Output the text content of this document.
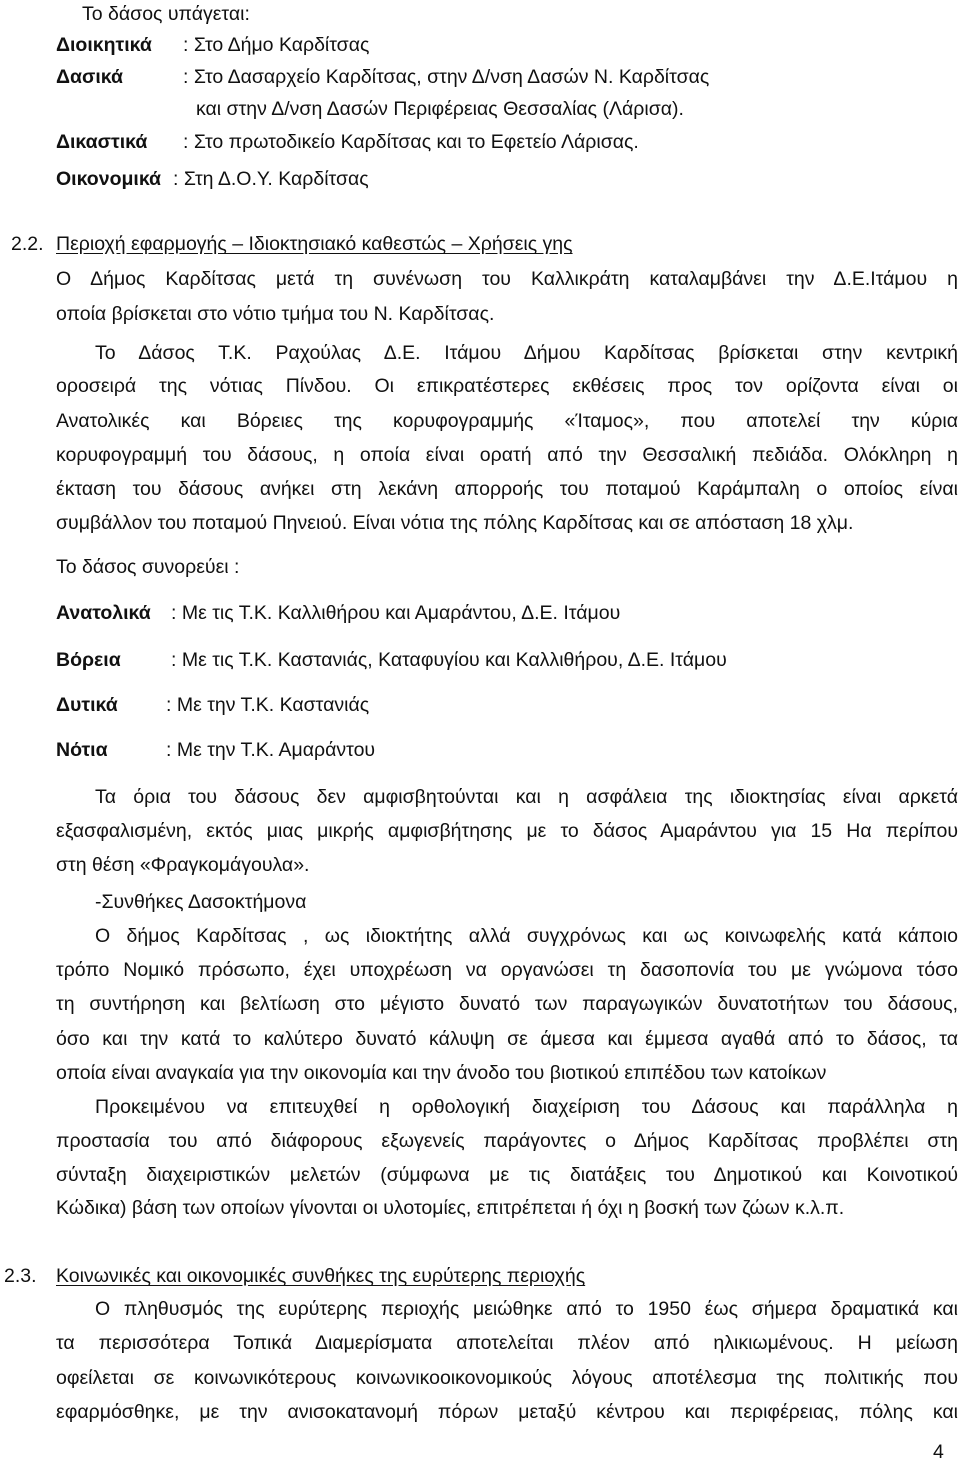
Το δάσος υπάγεται:
Διοικητικά : Στο Δήμο Καρδίτσας
Δασικά	: Στο Δασαρχείο Καρδίτσας, στην Δ/νση Δασών Ν. Καρδίτσας
και στην Δ/νση Δασών Περιφέρειας Θεσσαλίας (Λάρισα).
Δικαστικά : Στο πρωτοδικείο Καρδίτσας και το Εφετείο Λάρισας.
Οικονομικά : Στη Δ.Ο.Υ. Καρδίτσας
2.2. Περιοχή εφαρμογής – Ιδιοκτησιακό καθεστώς – Χρήσεις γης
Ο Δήμος Καρδίτσας μετά τη συνένωση του Καλλικράτη καταλαμβάνει την Δ.Ε.Ιτάμου η
οποία βρίσκεται στο νότιο τμήμα του Ν. Καρδίτσας.
Το Δάσος Τ.Κ. Ραχούλας Δ.Ε. Ιτάμου Δήμου Καρδίτσας βρίσκεται στην κεντρική
οροσειρά της νότιας Πίνδου. Οι επικρατέστερες εκθέσεις προς τον ορίζοντα είναι οι
Ανατολικές και Βόρειες της κορυφογραμμής «Ίταμος», που αποτελεί την κύρια
κορυφογραμμή του δάσους, η οποία είναι ορατή από την Θεσσαλική πεδιάδα. Ολόκληρη η
έκταση του δάσους ανήκει στη λεκάνη απορροής του ποταμού Καράμπαλη ο οποίος είναι
συμβάλλον του ποταμού Πηνειού. Είναι νότια της πόλης Καρδίτσας και σε απόσταση 18 χλμ.
Το δάσος συνορεύει :
Ανατολικά : Με τις Τ.Κ. Καλλιθήρου και Αμαράντου, Δ.Ε. Ιτάμου
Βόρεια	: Με τις Τ.Κ. Καστανιάς, Καταφυγίου και Καλλιθήρου, Δ.Ε. Ιτάμου
Δυτικά : Με την Τ.Κ. Καστανιάς
Νότια	: Με την Τ.Κ. Αμαράντου
Τα όρια του δάσους δεν αμφισβητούνται και η ασφάλεια της ιδιοκτησίας είναι αρκετά
εξασφαλισμένη, εκτός μιας μικρής αμφισβήτησης με το δάσος Αμαράντου για 15 Ηα περίπου
στη θέση «Φραγκομάγουλα».
-Συνθήκες Δασοκτήμονα
Ο δήμος Καρδίτσας , ως ιδιοκτήτης αλλά συγχρόνως και ως κοινωφελής κατά κάποιο
τρόπο Νομικό πρόσωπο, έχει υποχρέωση να οργανώσει τη δασοπονία του με γνώμονα τόσο
τη συντήρηση και βελτίωση στο μέγιστο δυνατό των παραγωγικών δυνατοτήτων του δάσους,
όσο και την κατά το καλύτερο δυνατό κάλυψη σε άμεσα και έμμεσα αγαθά από το δάσος, τα
οποία είναι αναγκαία για την οικονομία και την άνοδο του βιοτικού επιπέδου των κατοίκων
Προκειμένου να επιτευχθεί η ορθολογική διαχείριση του Δάσους και παράλληλα η
προστασία του από διάφορους εξωγενείς παράγοντες ο Δήμος Καρδίτσας προβλέπει στη
σύνταξη διαχειριστικών μελετών (σύμφωνα με τις διατάξεις του Δημοτικού και Κοινοτικού
Κώδικα) βάση των οποίων γίνονται οι υλοτομίες, επιτρέπεται ή όχι η βοσκή των ζώων κ.λ.π.
2.3. Κοινωνικές και οικονομικές συνθήκες της ευρύτερης περιοχής
Ο πληθυσμός της ευρύτερης περιοχής μειώθηκε από το 1950 έως σήμερα δραματικά και
τα περισσότερα Τοπικά Διαμερίσματα αποτελείται πλέον από ηλικιωμένους. Η μείωση
οφείλεται σε κοινωνικότερους κοινωνικοοικονομικούς λόγους αποτέλεσμα της πολιτικής που
εφαρμόσθηκε, με την ανισοκατανομή πόρων μεταξύ κέντρου και περιφέρειας, πόλης και
4
